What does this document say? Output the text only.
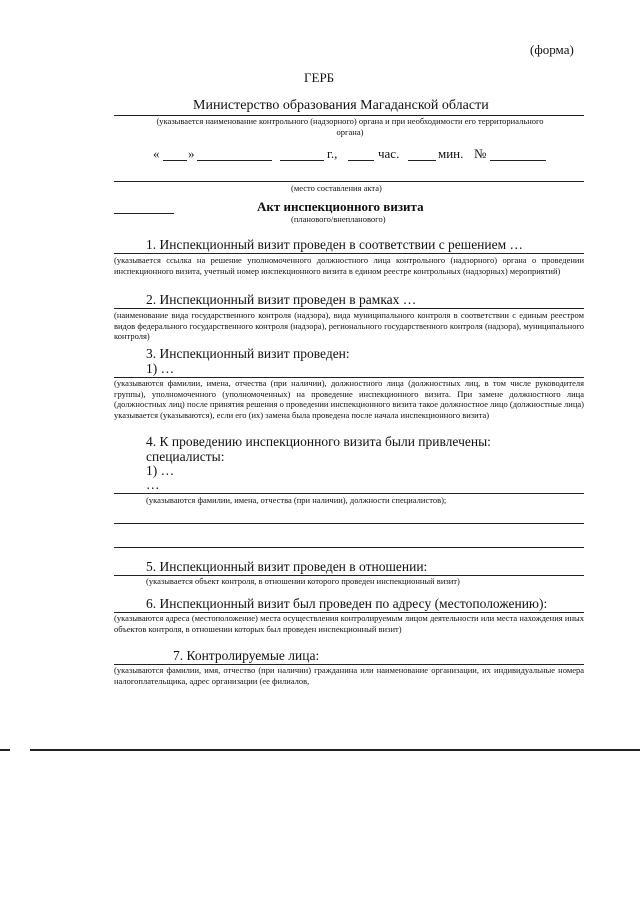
(форма)
ГЕРБ
Министерство образования Магаданской области
(указывается наименование контрольного (надзорного) органа и при необходимости его территориального органа)
« »	г.,	час.	мин. №
(место составления акта)
Акт инспекционного визита
(планового/внепланового)
1. Инспекционный визит проведен в соответствии с решением …
(указывается ссылка на решение уполномоченного должностного лица контрольного (надзорного) органа о проведении инспекционного визита, учетный номер инспекционного визита в едином реестре контрольных (надзорных) мероприятий)
2. Инспекционный визит проведен в рамках …
(наименование вида государственного контроля (надзора), вида муниципального контроля в соответствии с единым реестром видов федерального государственного контроля (надзора), регионального государственного контроля (надзора), муниципального контроля)
3. Инспекционный визит проведен:
1) …
(указываются фамилии, имена, отчества (при наличии), должностного лица (должностных лиц, в том числе руководителя группы), уполномоченного (уполномоченных) на проведение инспекционного визита. При замене должностного лица (должностных лиц) после принятия решения о проведении инспекционного визита такое должностное лицо (должностные лица) указывается (указываются), если его (их) замена была проведена после начала инспекционного визита)
4. К проведению инспекционного визита были привлечены:
специалисты:
1) …
…
(указываются фамилии, имена, отчества (при наличии), должности специалистов);
5. Инспекционный визит проведен в отношении:
(указывается объект контроля, в отношении которого проведен инспекционный визит)
6. Инспекционный визит был проведен по адресу (местоположению):
(указываются адреса (местоположение) места осуществления контролируемым лицом деятельности или места нахождения иных объектов контроля, в отношении которых был проведен инспекционный визит)
7. Контролируемые лица:
(указываются фамилии, имя, отчество (при наличии) гражданина или наименование организации, их индивидуальные номера налогоплательщика, адрес организации (ее филиалов,
